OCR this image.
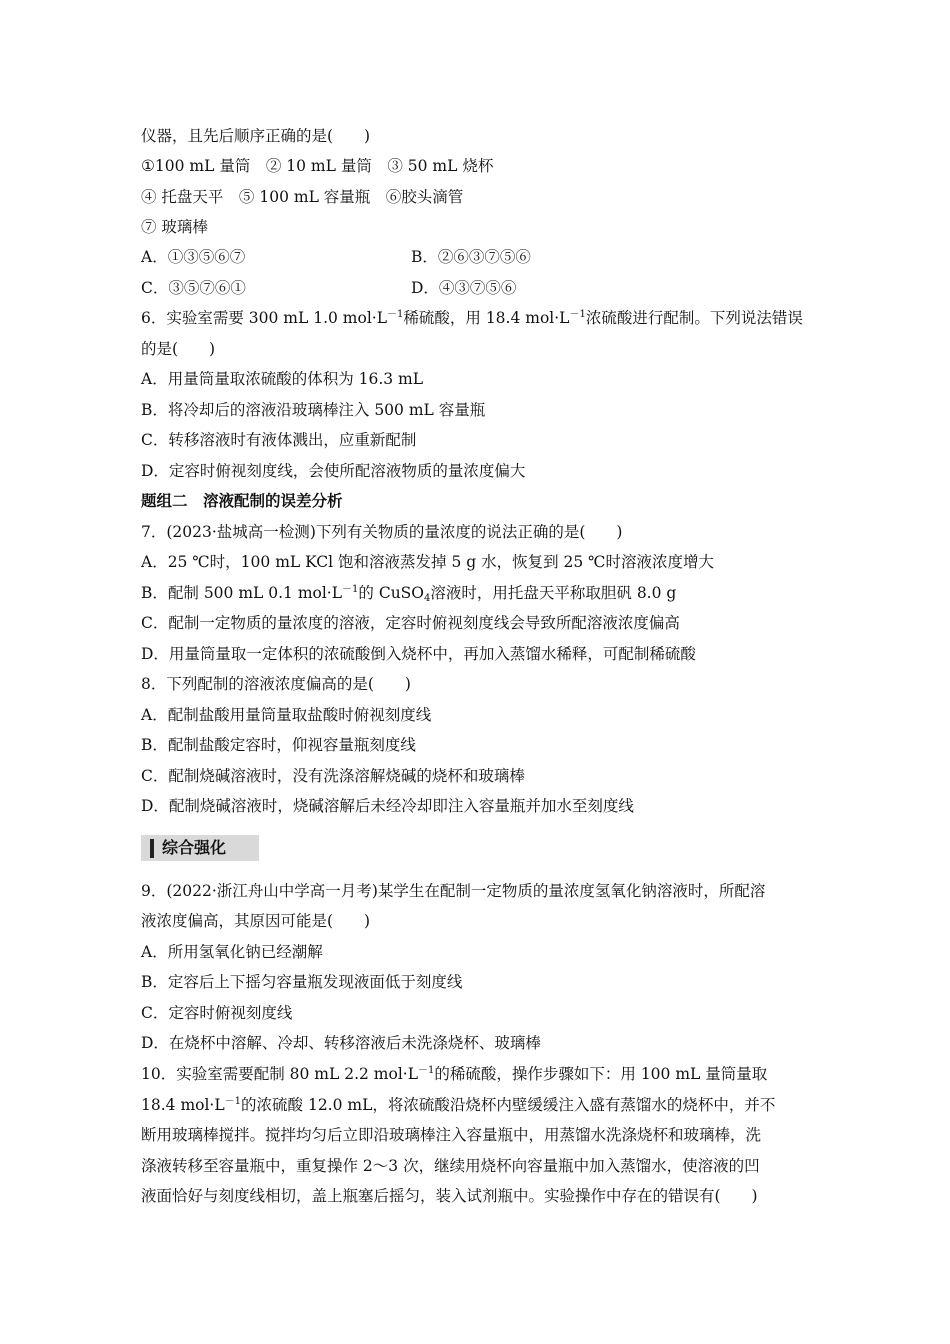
仪器，且先后顺序正确的是(　　)
①100 mL 量筒　② 10 mL 量筒　③ 50 mL 烧杯
④ 托盘天平　⑤ 100 mL 容量瓶　⑥胶头滴管
⑦ 玻璃棒
A．①③⑤⑥⑦	B．②⑥③⑦⑤⑥
C．③⑤⑦⑥①	D．④③⑦⑤⑥
6．实验室需要 300 mL 1.0 $mol\cdot L^{-1}$稀硫酸，用 18.4 $mol\cdot L^{-1}$浓硫酸进行配制。下列说法错误
的是(　　)
A．用量筒量取浓硫酸的体积为 16.3 mL
B．将冷却后的溶液沿玻璃棒注入 500 mL 容量瓶
C．转移溶液时有液体溅出，应重新配制
D．定容时俯视刻度线，会使所配溶液物质的量浓度偏大
题组二　溶液配制的误差分析
7．(2023·盐城高一检测)下列有关物质的量浓度的说法正确的是(　　)
A．25 ℃时，100 mL KCl 饱和溶液蒸发掉 5 g 水，恢复到 25 ℃时溶液浓度增大
B．配制 500 mL 0.1 $mol\cdot L^{-1}$的 CuSO$_4$溶液时，用托盘天平称取胆矾 8.0 g
C．配制一定物质的量浓度的溶液，定容时俯视刻度线会导致所配溶液浓度偏高
D．用量筒量取一定体积的浓硫酸倒入烧杯中，再加入蒸馏水稀释，可配制稀硫酸
8．下列配制的溶液浓度偏高的是(　　)
A．配制盐酸用量筒量取盐酸时俯视刻度线
B．配制盐酸定容时，仰视容量瓶刻度线
C．配制烧碱溶液时，没有洗涤溶解烧碱的烧杯和玻璃棒
D．配制烧碱溶液时，烧碱溶解后未经冷却即注入容量瓶并加水至刻度线
综合强化
9．(2022·浙江舟山中学高一月考)某学生在配制一定物质的量浓度氢氧化钠溶液时，所配溶
液浓度偏高，其原因可能是(　　)
A．所用氢氧化钠已经潮解
B．定容后上下摇匀容量瓶发现液面低于刻度线
C．定容时俯视刻度线
D．在烧杯中溶解、冷却、转移溶液后未洗涤烧杯、玻璃棒
10．实验室需要配制 80 mL 2.2 $mol\cdot L^{-1}$的稀硫酸，操作步骤如下：用 100 mL 量筒量取
18.4 $mol\cdot L^{-1}$的浓硫酸 12.0 mL，将浓硫酸沿烧杯内壁缓缓注入盛有蒸馏水的烧杯中，并不
断用玻璃棒搅拌。搅拌均匀后立即沿玻璃棒注入容量瓶中，用蒸馏水洗涤烧杯和玻璃棒，洗
涤液转移至容量瓶中，重复操作 2～3 次，继续用烧杯向容量瓶中加入蒸馏水，使溶液的凹
液面恰好与刻度线相切，盖上瓶塞后摇匀，装入试剂瓶中。实验操作中存在的错误有(　　)
